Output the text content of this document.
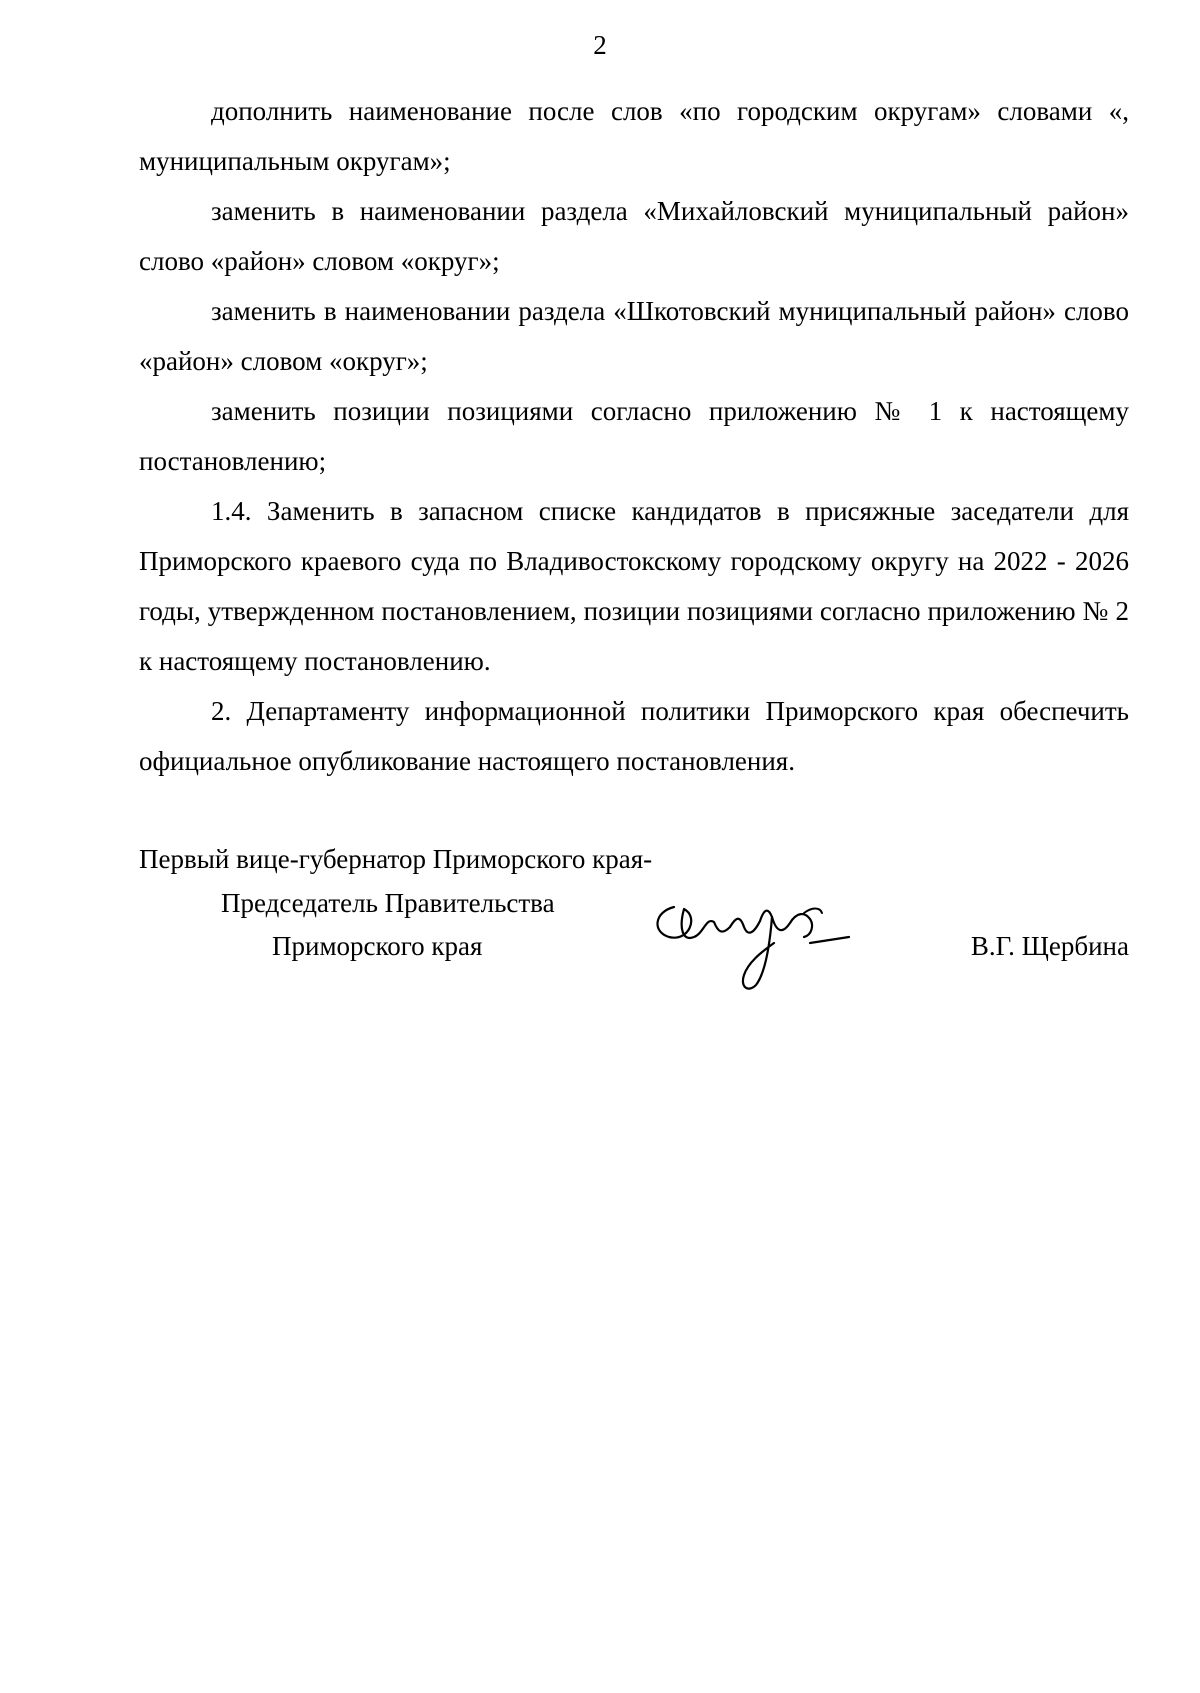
2

дополнить наименование после слов «по городским округам» словами «, муниципальным округам»;

заменить в наименовании раздела «Михайловский муниципальный район» слово «район» словом «округ»;

заменить в наименовании раздела «Шкотовский муниципальный район» слово «район» словом «округ»;

заменить позиции позициями согласно приложению № 1 к настоящему постановлению;

1.4. Заменить в запасном списке кандидатов в присяжные заседатели для Приморского краевого суда по Владивостокскому городскому округу на 2022 - 2026 годы, утвержденном постановлением, позиции позициями согласно приложению № 2 к настоящему постановлению.

2. Департаменту информационной политики Приморского края обеспечить официальное опубликование настоящего постановления.

Первый вице-губернатор Приморского края-
Председатель Правительства
Приморского края	В.Г. Щербина
